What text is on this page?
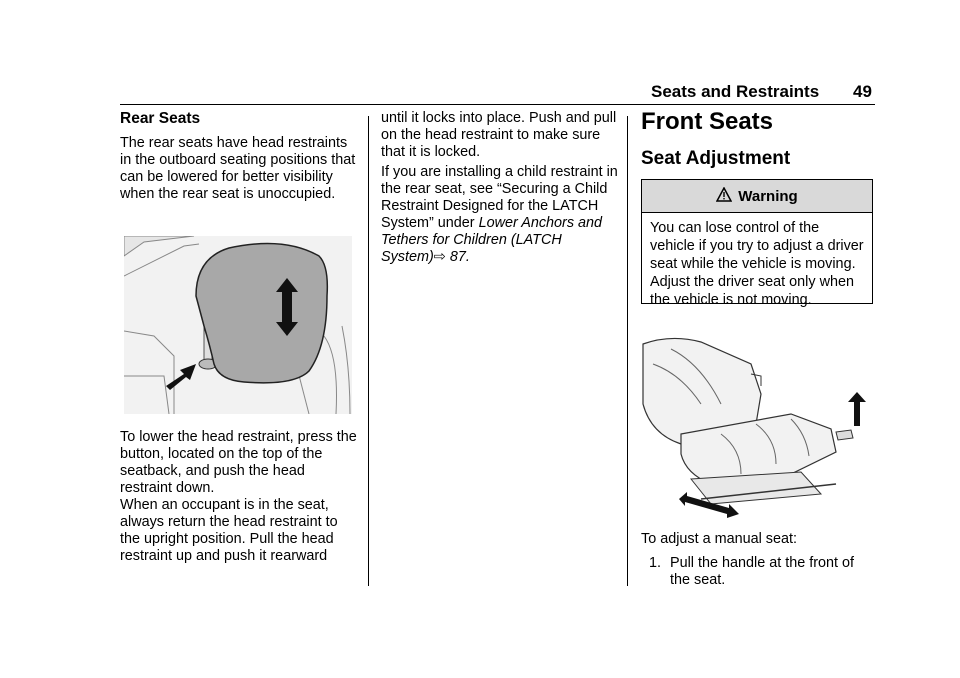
Seats and Restraints 49
Rear Seats

The rear seats have head restraints in the outboard seating positions that can be lowered for better visibility when the rear seat is unoccupied.

To lower the head restraint, press the button, located on the top of the seatback, and push the head restraint down.

When an occupant is in the seat, always return the head restraint to the upright position. Pull the head restraint up and push it rearward

until it locks into place. Push and pull on the head restraint to make sure that it is locked.

If you are installing a child restraint in the rear seat, see “Securing a Child Restraint Designed for the LATCH System” under Lower Anchors and Tethers for Children (LATCH System)⇨ 87.

Front Seats
Seat Adjustment
Warning

You can lose control of the vehicle if you try to adjust a driver seat while the vehicle is moving. Adjust the driver seat only when the vehicle is not moving.

To adjust a manual seat:

1. Pull the handle at the front of the seat.
